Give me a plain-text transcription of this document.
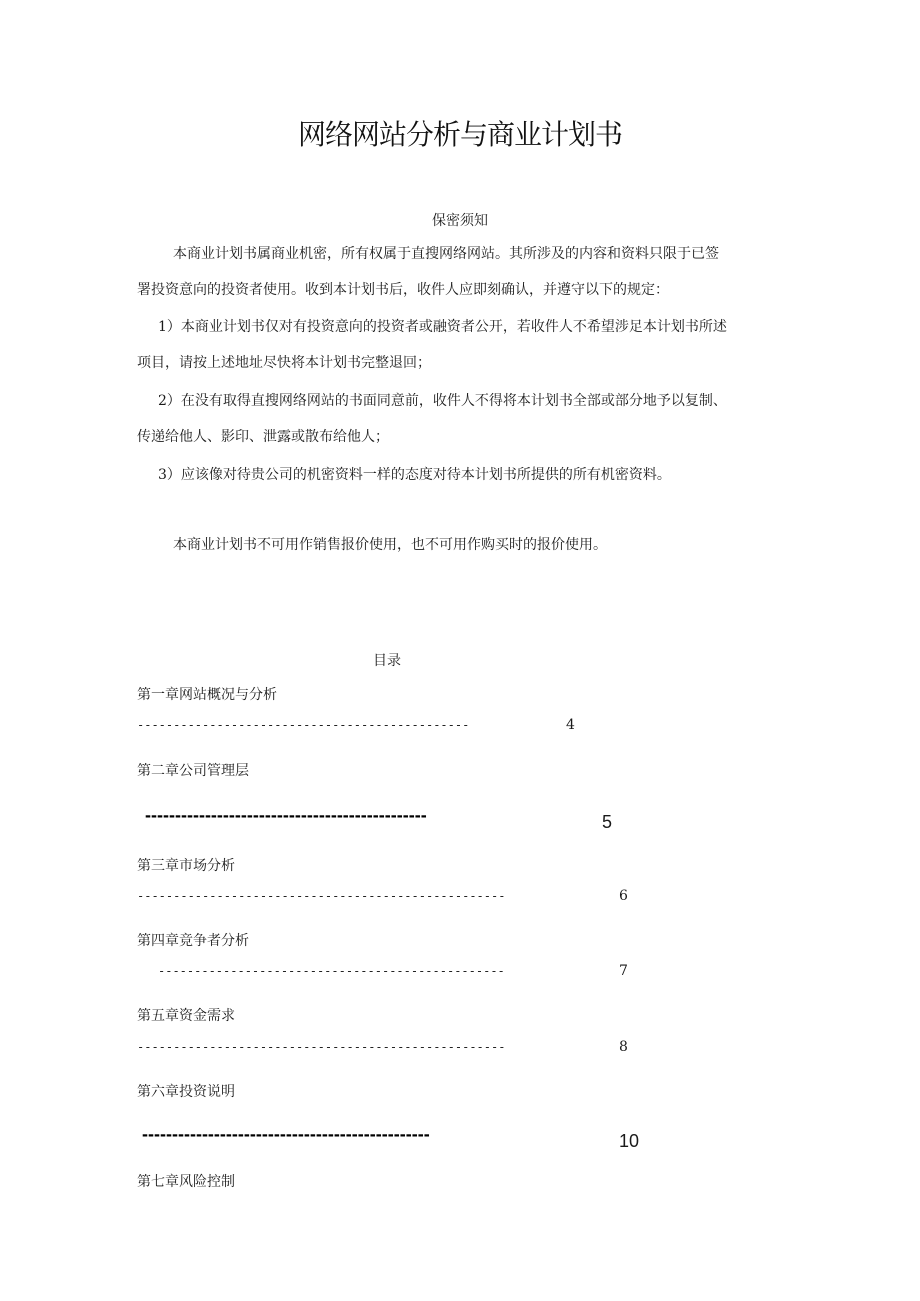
网络网站分析与商业计划书
保密须知
本商业计划书属商业机密，所有权属于直搜网络网站。其所涉及的内容和资料只限于已签
署投资意向的投资者使用。收到本计划书后，收件人应即刻确认，并遵守以下的规定：
1）本商业计划书仅对有投资意向的投资者或融资者公开，若收件人不希望涉足本计划书所述
项目，请按上述地址尽快将本计划书完整退回；
2）在没有取得直搜网络网站的书面同意前，收件人不得将本计划书全部或部分地予以复制、
传递给他人、影印、泄露或散布给他人；
3）应该像对待贵公司的机密资料一样的态度对待本计划书所提供的所有机密资料。
本商业计划书不可用作销售报价使用，也不可用作购买时的报价使用。
目录
第一章网站概况与分析
----------------------------------------------	4
第二章公司管理层
-----------------------------------------------	5
第三章市场分析
---------------------------------------------------	6
第四章竞争者分析
------------------------------------------------	7
第五章资金需求
---------------------------------------------------	8
第六章投资说明
------------------------------------------------	10
第七章风险控制
